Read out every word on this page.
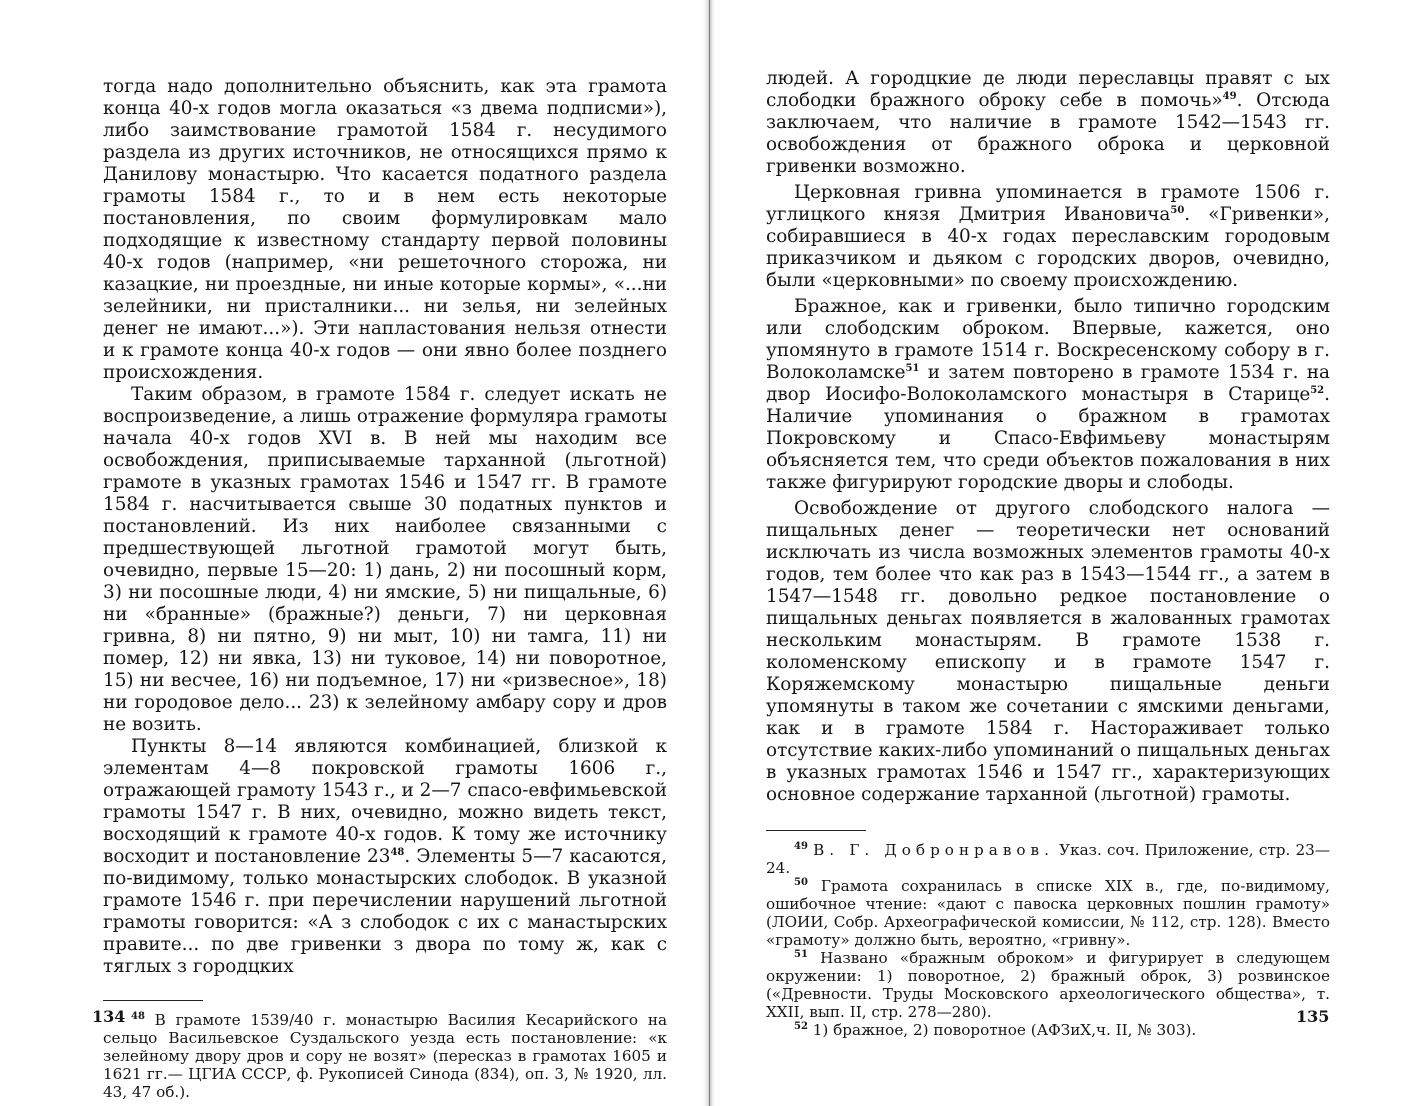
тогда надо дополнительно объяснить, как эта грамота конца 40-х годов могла оказаться «з двема подписми»), либо заимствование грамотой 1584 г. несудимого раздела из других источников, не относящихся прямо к Данилову монастырю. Что касается податного раздела грамоты 1584 г., то и в нем есть некоторые постановления, по своим формулировкам мало подходящие к известному стандарту первой половины 40-х годов (например, «ни решеточного сторожа, ни казацкие, ни проездные, ни иные которые кормы», «...ни зелейники, ни присталники... ни зелья, ни зелейных денег не имают...»). Эти напластования нельзя отнести и к грамоте конца 40-х годов — они явно более позднего происхождения.

Таким образом, в грамоте 1584 г. следует искать не воспроизведение, а лишь отражение формуляра грамоты начала 40-х годов XVI в. В ней мы находим все освобождения, приписываемые тарханной (льготной) грамоте в указных грамотах 1546 и 1547 гг. В грамоте 1584 г. насчитывается свыше 30 податных пунктов и постановлений. Из них наиболее связанными с предшествующей льготной грамотой могут быть, очевидно, первые 15—20: 1) дань, 2) ни посошный корм, 3) ни посошные люди, 4) ни ямские, 5) ни пищальные, 6) ни «бранные» (бражные?) деньги, 7) ни церковная гривна, 8) ни пятно, 9) ни мыт, 10) ни тамга, 11) ни помер, 12) ни явка, 13) ни туковое, 14) ни поворотное, 15) ни весчее, 16) ни подъемное, 17) ни «ризвесное», 18) ни городовое дело... 23) к зелейному амбару сору и дров не возить.

Пункты 8—14 являются комбинацией, близкой к элементам 4—8 покровской грамоты 1606 г., отражающей грамоту 1543 г., и 2—7 спасо-евфимьевской грамоты 1547 г. В них, очевидно, можно видеть текст, восходящий к грамоте 40-х годов. К тому же источнику восходит и постановление $23^{48}$. Элементы 5—7 касаются, по-видимому, только монастырских слободок. В указной грамоте 1546 г. при перечислении нарушений льготной грамоты говорится: «А з слободок с их с манастырских правите... по две гривенки з двора по тому ж, как с тяглых з городцких

$^{48}$ В грамоте 1539/40 г. монастырю Василия Кесарийского на сельцо Васильевское Суздальского уезда есть постановление: «к зелейному двору дров и сору не возят» (пересказ в грамотах 1605 и 1621 гг.— ЦГИА СССР, ф. Рукописей Синода (834), оп. 3, № 1920, лл. 43, 47 об.).

134

людей. А городцкие де люди переславцы правят с ых слободки бражного оброку себе в помочь»$^{49}$. Отсюда заключаем, что наличие в грамоте 1542—1543 гг. освобождения от бражного оброка и церковной гривенки возможно.

Церковная гривна упоминается в грамоте 1506 г. углицкого князя Дмитрия Ивановича$^{50}$. «Гривенки», собиравшиеся в 40-х годах переславским городовым приказчиком и дьяком с городских дворов, очевидно, были «церковными» по своему происхождению.

Бражное, как и гривенки, было типично городским или слободским оброком. Впервые, кажется, оно упомянуто в грамоте 1514 г. Воскресенскому собору в г. Волоколамске$^{51}$ и затем повторено в грамоте 1534 г. на двор Иосифо-Волоколамского монастыря в Старице$^{52}$. Наличие упоминания о бражном в грамотах Покровскому и Спасо-Евфимьеву монастырям объясняется тем, что среди объектов пожалования в них также фигурируют городские дворы и слободы.

Освобождение от другого слободского налога — пищальных денег — теоретически нет оснований исключать из числа возможных элементов грамоты 40-х годов, тем более что как раз в 1543—1544 гг., а затем в 1547—1548 гг. довольно редкое постановление о пищальных деньгах появляется в жалованных грамотах нескольким монастырям. В грамоте 1538 г. коломенскому епископу и в грамоте 1547 г. Коряжемскому монастырю пищальные деньги упомянуты в таком же сочетании с ямскими деньгами, как и в грамоте 1584 г. Настораживает только отсутствие каких-либо упоминаний о пищальных деньгах в указных грамотах 1546 и 1547 гг., характеризующих основное содержание тарханной (льготной) грамоты.

$^{49}$ В. Г. Добронравов. Указ. соч. Приложение, стр. 23—24.

$^{50}$ Грамота сохранилась в списке XIX в., где, по-видимому, ошибочное чтение: «дают с павоска церковных пошлин грамоту» (ЛОИИ, Собр. Археографической комиссии, № 112, стр. 128). Вместо «грамоту» должно быть, вероятно, «гривну».

$^{51}$ Названо «бражным оброком» и фигурирует в следующем окружении: 1) поворотное, 2) бражный оброк, 3) розвинское («Древности. Труды Московского археологического общества», т. XXII, вып. II, стр. 278—280).

$^{52}$ 1) бражное, 2) поворотное (АФЗиХ,ч. II, № 303).

135
